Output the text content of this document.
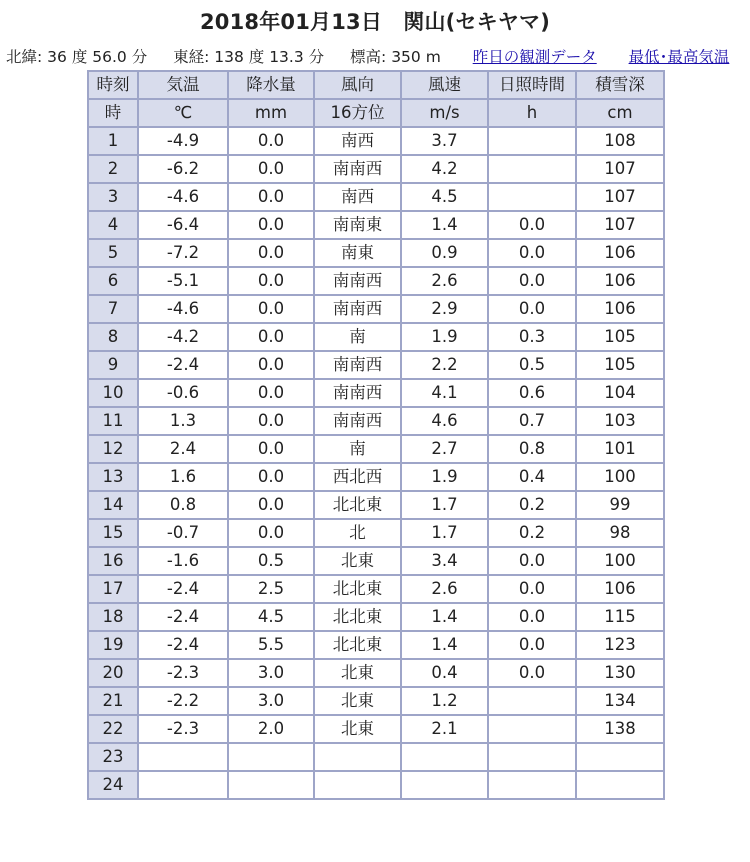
2018年01月13日　関山(セキヤマ)
北緯: 36 度 56.0 分 東経: 138 度 13.3 分 標高: 350 m 昨日の観測データ 最低･最高気温
時刻	気温	降水量	風向	風速	日照時間	積雪深
時	℃	mm	16方位	m/s	h	cm
1	-4.9	0.0	南西	3.7		108
2	-6.2	0.0	南南西	4.2		107
3	-4.6	0.0	南西	4.5		107
4	-6.4	0.0	南南東	1.4	0.0	107
5	-7.2	0.0	南東	0.9	0.0	106
6	-5.1	0.0	南南西	2.6	0.0	106
7	-4.6	0.0	南南西	2.9	0.0	106
8	-4.2	0.0	南	1.9	0.3	105
9	-2.4	0.0	南南西	2.2	0.5	105
10	-0.6	0.0	南南西	4.1	0.6	104
11	1.3	0.0	南南西	4.6	0.7	103
12	2.4	0.0	南	2.7	0.8	101
13	1.6	0.0	西北西	1.9	0.4	100
14	0.8	0.0	北北東	1.7	0.2	99
15	-0.7	0.0	北	1.7	0.2	98
16	-1.6	0.5	北東	3.4	0.0	100
17	-2.4	2.5	北北東	2.6	0.0	106
18	-2.4	4.5	北北東	1.4	0.0	115
19	-2.4	5.5	北北東	1.4	0.0	123
20	-2.3	3.0	北東	0.4	0.0	130
21	-2.2	3.0	北東	1.2		134
22	-2.3	2.0	北東	2.1		138
23						
24						
